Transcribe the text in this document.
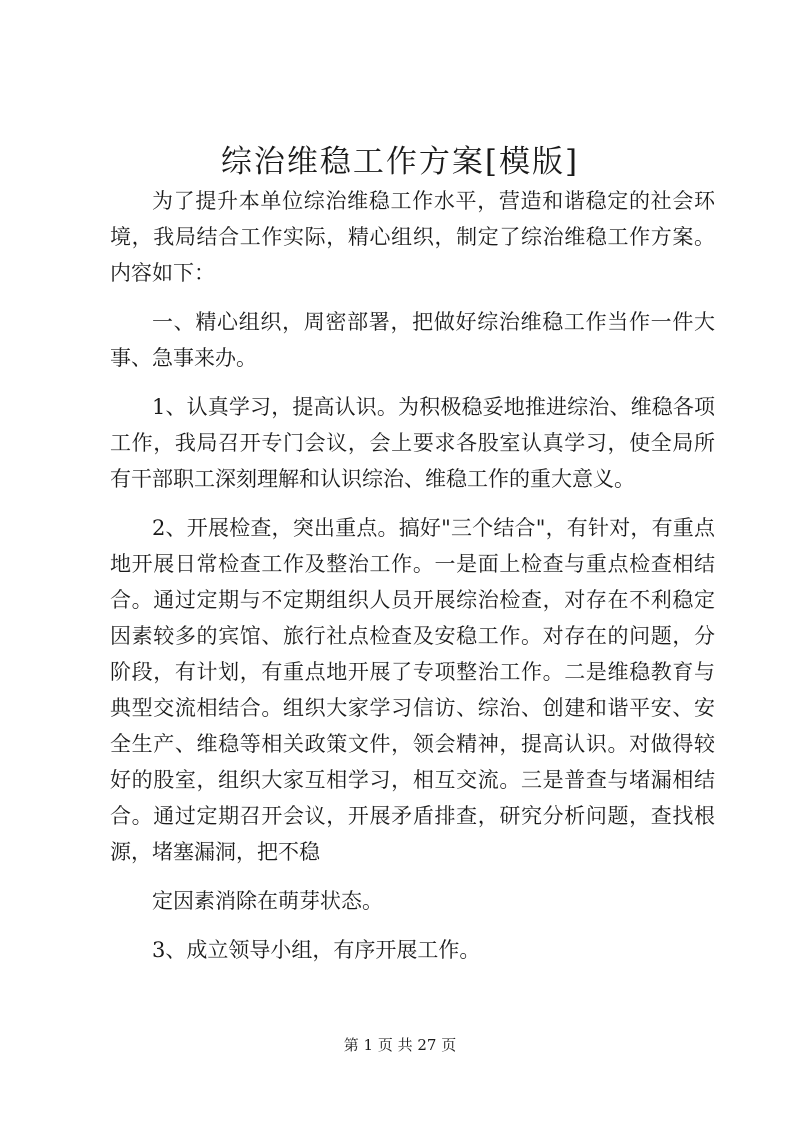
综治维稳工作方案[模版]

为了提升本单位综治维稳工作水平，营造和谐稳定的社会环境，我局结合工作实际，精心组织，制定了综治维稳工作方案。内容如下：

一、精心组织，周密部署，把做好综治维稳工作当作一件大事、急事来办。

1、认真学习，提高认识。为积极稳妥地推进综治、维稳各项工作，我局召开专门会议，会上要求各股室认真学习，使全局所有干部职工深刻理解和认识综治、维稳工作的重大意义。

2、开展检查，突出重点。搞好"三个结合"，有针对，有重点地开展日常检查工作及整治工作。一是面上检查与重点检查相结合。通过定期与不定期组织人员开展综治检查，对存在不利稳定因素较多的宾馆、旅行社点检查及安稳工作。对存在的问题，分阶段，有计划，有重点地开展了专项整治工作。二是维稳教育与典型交流相结合。组织大家学习信访、综治、创建和谐平安、安全生产、维稳等相关政策文件，领会精神，提高认识。对做得较好的股室，组织大家互相学习，相互交流。三是普查与堵漏相结合。通过定期召开会议，开展矛盾排查，研究分析问题，查找根源，堵塞漏洞，把不稳

定因素消除在萌芽状态。

3、成立领导小组，有序开展工作。

第 1 页 共 27 页
